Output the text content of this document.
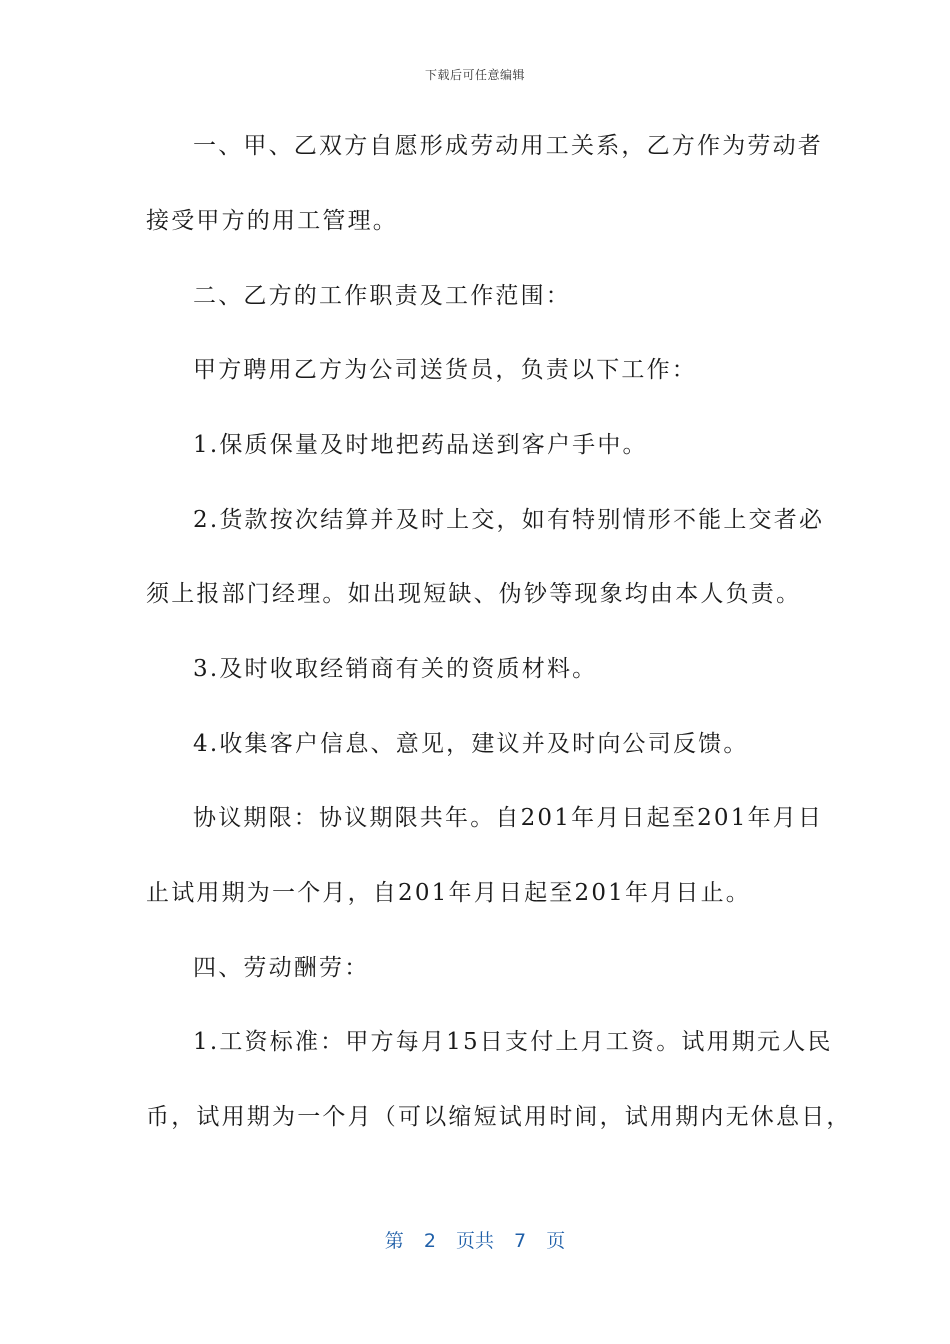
下载后可任意编辑
一、甲、乙双方自愿形成劳动用工关系，乙方作为劳动者
接受甲方的用工管理。
二、乙方的工作职责及工作范围：
甲方聘用乙方为公司送货员，负责以下工作：
1.保质保量及时地把药品送到客户手中。
2.货款按次结算并及时上交，如有特别情形不能上交者必
须上报部门经理。如出现短缺、伪钞等现象均由本人负责。
3.及时收取经销商有关的资质材料。
4.收集客户信息、意见，建议并及时向公司反馈。
协议期限：协议期限共年。自201年月日起至201年月日
止试用期为一个月，自201年月日起至201年月日止。
四、劳动酬劳：
1.工资标准：甲方每月15日支付上月工资。试用期元人民
币，试用期为一个月（可以缩短试用时间，试用期内无休息日，
第 2 页共 7 页
